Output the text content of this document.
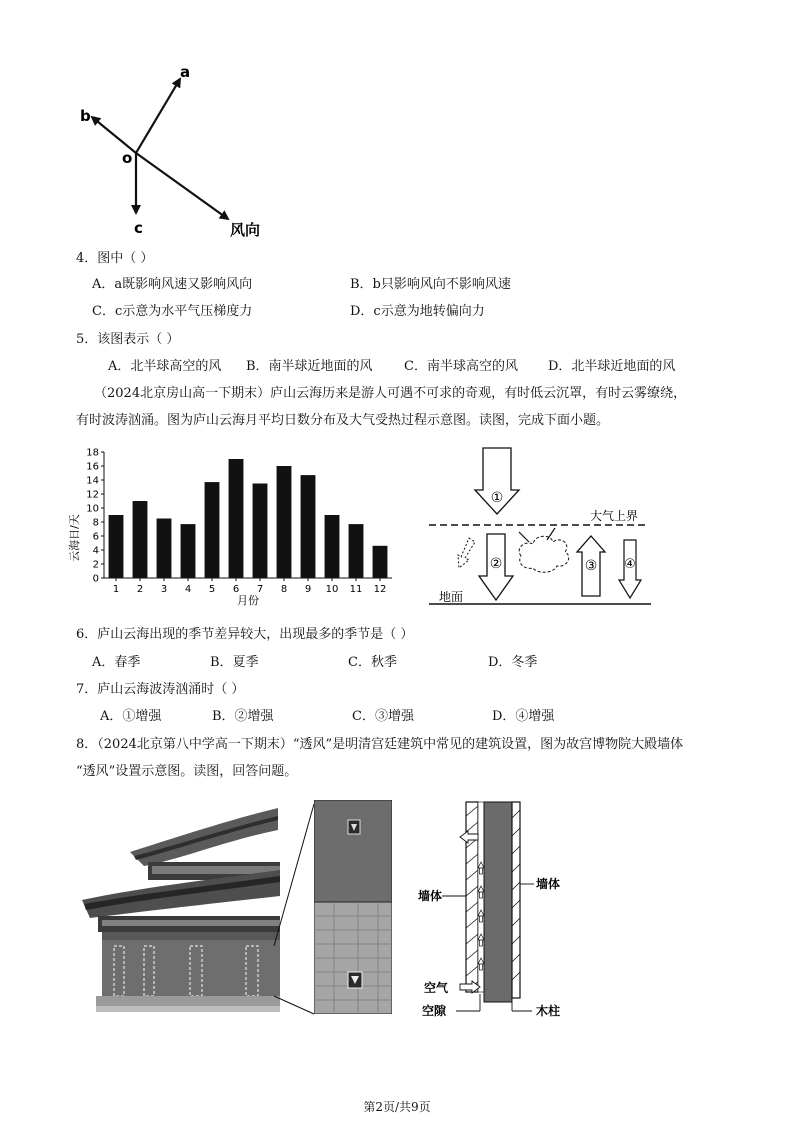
a
b
o
c	风向
4．图中（ ）
A．a既影响风速又影响风向	B．b只影响风向不影响风速
C．c示意为水平气压梯度力	D．c示意为地转偏向力
5．该图表示（ ）
A．北半球高空的风 B．南半球近地面的风 C．南半球高空的风 D．北半球近地面的风
（2024北京房山高一下期末）庐山云海历来是游人可遇不可求的奇观，有时低云沉罩，有时云雾缭绕，
有时波涛汹涌。图为庐山云海月平均日数分布及大气受热过程示意图。读图，完成下面小题。
0
2
4
6
8
10
12
14
16
18
1 2 3 4 5 6 7 8 9 10 11 12
云海日/天
月份
①
大气上界
②	③ ④
地面
6．庐山云海出现的季节差异较大，出现最多的季节是（ ）
A．春季	B．夏季	C．秋季	D．冬季
7．庐山云海波涛汹涌时（ ）
A．①增强	B．②增强	C．③增强	D．④增强
8．（2024北京第八中学高一下期末）“透风”是明清宫廷建筑中常见的建筑设置，图为故宫博物院大殿墙体
“透风”设置示意图。读图，回答问题。
墙体
墙体
空气
空隙	木柱
第2页/共9页
